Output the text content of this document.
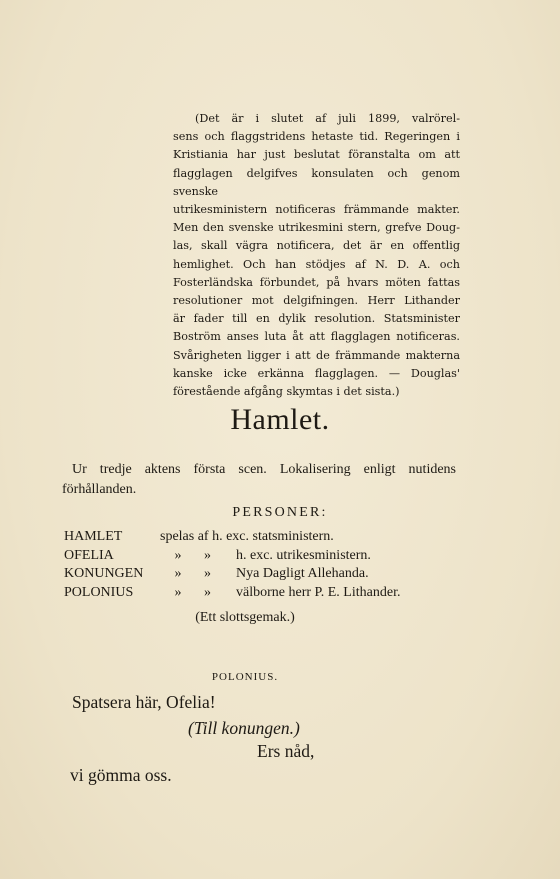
(Det är i slutet af juli 1899, valrörel-
sens och flaggstridens hetaste tid. Regeringen i
Kristiania har just beslutat föranstalta om att
flagglagen delgifves konsulaten och genom svenske
utrikesministern notificeras främmande makter.
Men den svenske utrikesmini stern, grefve Doug-
las, skall vägra notificera, det är en offentlig
hemlighet. Och han stödjes af N. D. A. och
Fosterländska förbundet, på hvars möten fattas
resolutioner mot delgifningen. Herr Lithander
är fader till en dylik resolution. Statsminister
Boström anses luta åt att flagglagen notificeras.
Svårigheten ligger i att de främmande makterna
kanske icke erkänna flagglagen. — Douglas'
förestående afgång skymtas i det sista.)
Hamlet.

Ur tredje aktens första scen. Lokalisering enligt nutidens förhållanden.

PERSONER:
HAMLET	spelas af h. exc. statsministern.	
OFELIA	»	» h. exc. utrikesministern.
KONUNGEN	»	» Nya Dagligt Allehanda.
POLONIUS	»	» välborne herr P. E. Lithander.
(Ett slottsgemak.)
POLONIUS.
Spatsera här, Ofelia!
(Till konungen.)
Ers nåd,
vi gömma oss.
